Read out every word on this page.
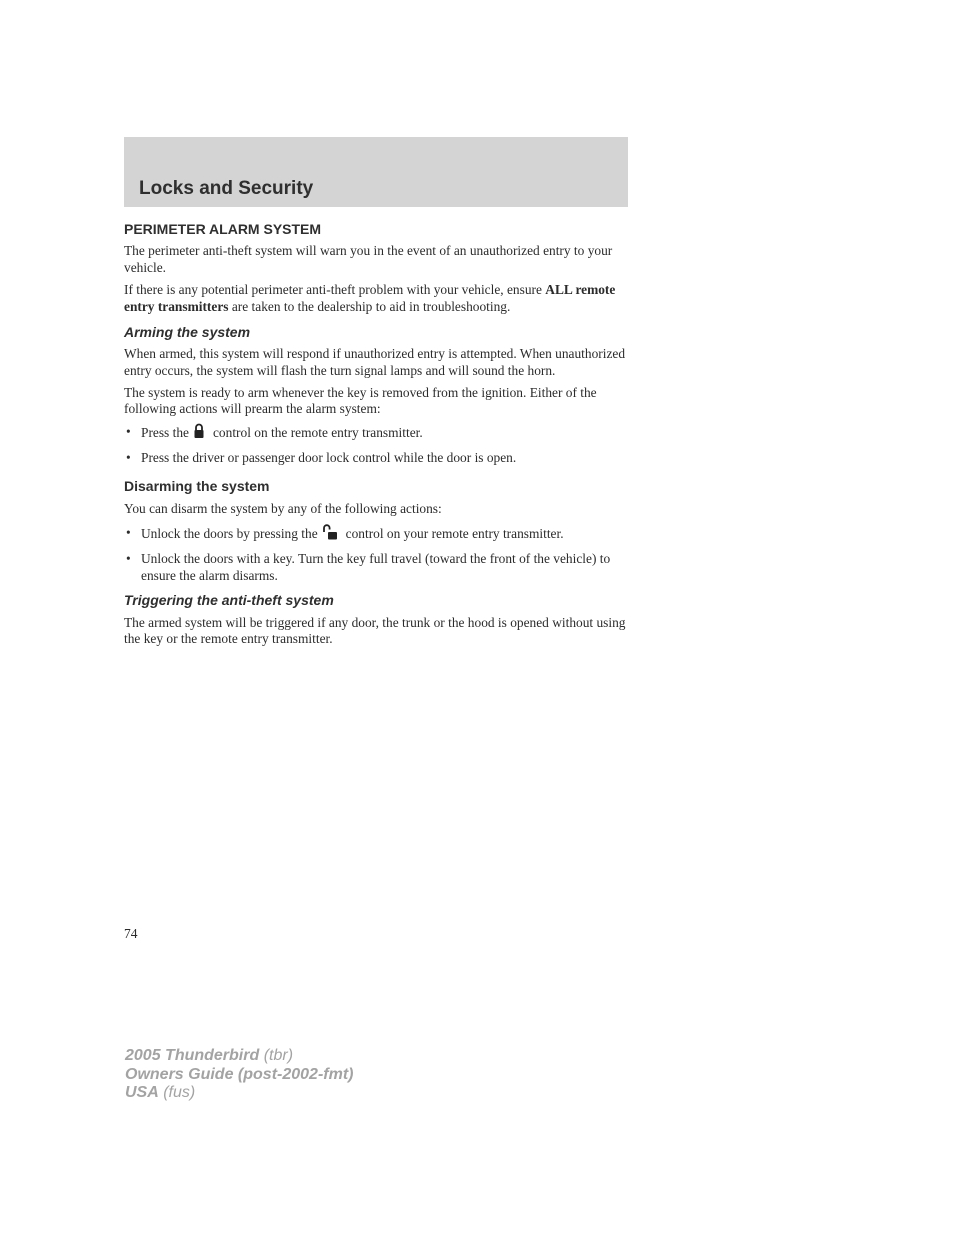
Locks and Security
PERIMETER ALARM SYSTEM

The perimeter anti-theft system will warn you in the event of an unauthorized entry to your vehicle.

If there is any potential perimeter anti-theft problem with your vehicle, ensure ALL remote entry transmitters are taken to the dealership to aid in troubleshooting.

Arming the system

When armed, this system will respond if unauthorized entry is attempted. When unauthorized entry occurs, the system will flash the turn signal lamps and will sound the horn.

The system is ready to arm whenever the key is removed from the ignition. Either of the following actions will prearm the alarm system:

• Press the control on the remote entry transmitter.
• Press the driver or passenger door lock control while the door is open.
Disarming the system

You can disarm the system by any of the following actions:

• Unlock the doors by pressing the control on your remote entry transmitter.
• Unlock the doors with a key. Turn the key full travel (toward the front of the vehicle) to ensure the alarm disarms.
Triggering the anti-theft system

The armed system will be triggered if any door, the trunk or the hood is opened without using the key or the remote entry transmitter.

74
2005 Thunderbird (tbr)
Owners Guide (post-2002-fmt)
USA (fus)
